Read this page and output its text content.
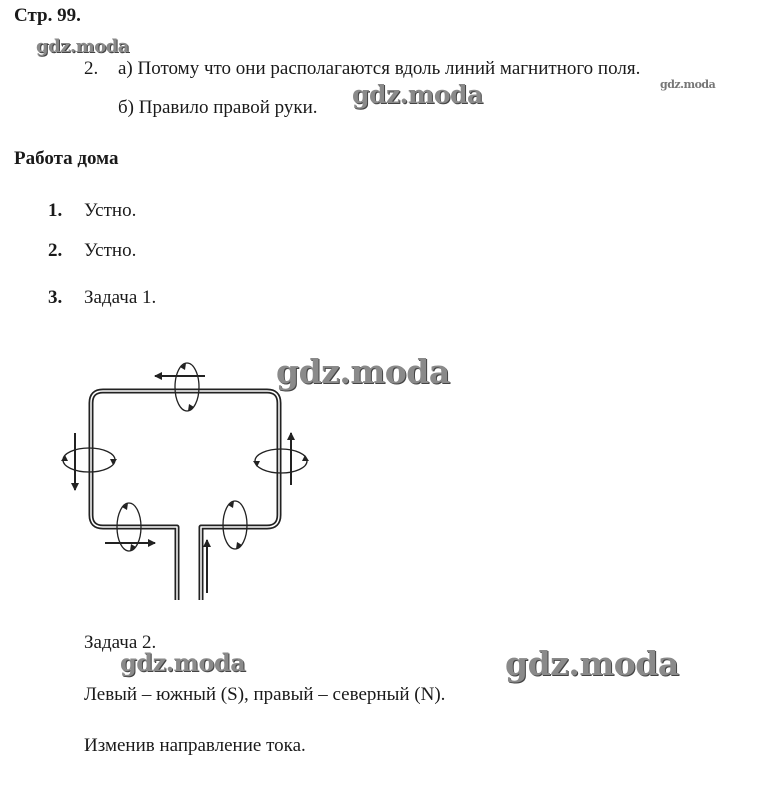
Стр. 99.
gdz.moda
2. а) Потому что они располагаются вдоль линий магнитного поля.
gdz.moda
б) Правило правой руки. gdz.moda
Работа дома
1. Устно.
2. Устно.
3. Задача 1.
gdz.moda
Задача 2.
gdz.moda	gdz.moda
Левый – южный (S), правый – северный (N).
Изменив направление тока.
